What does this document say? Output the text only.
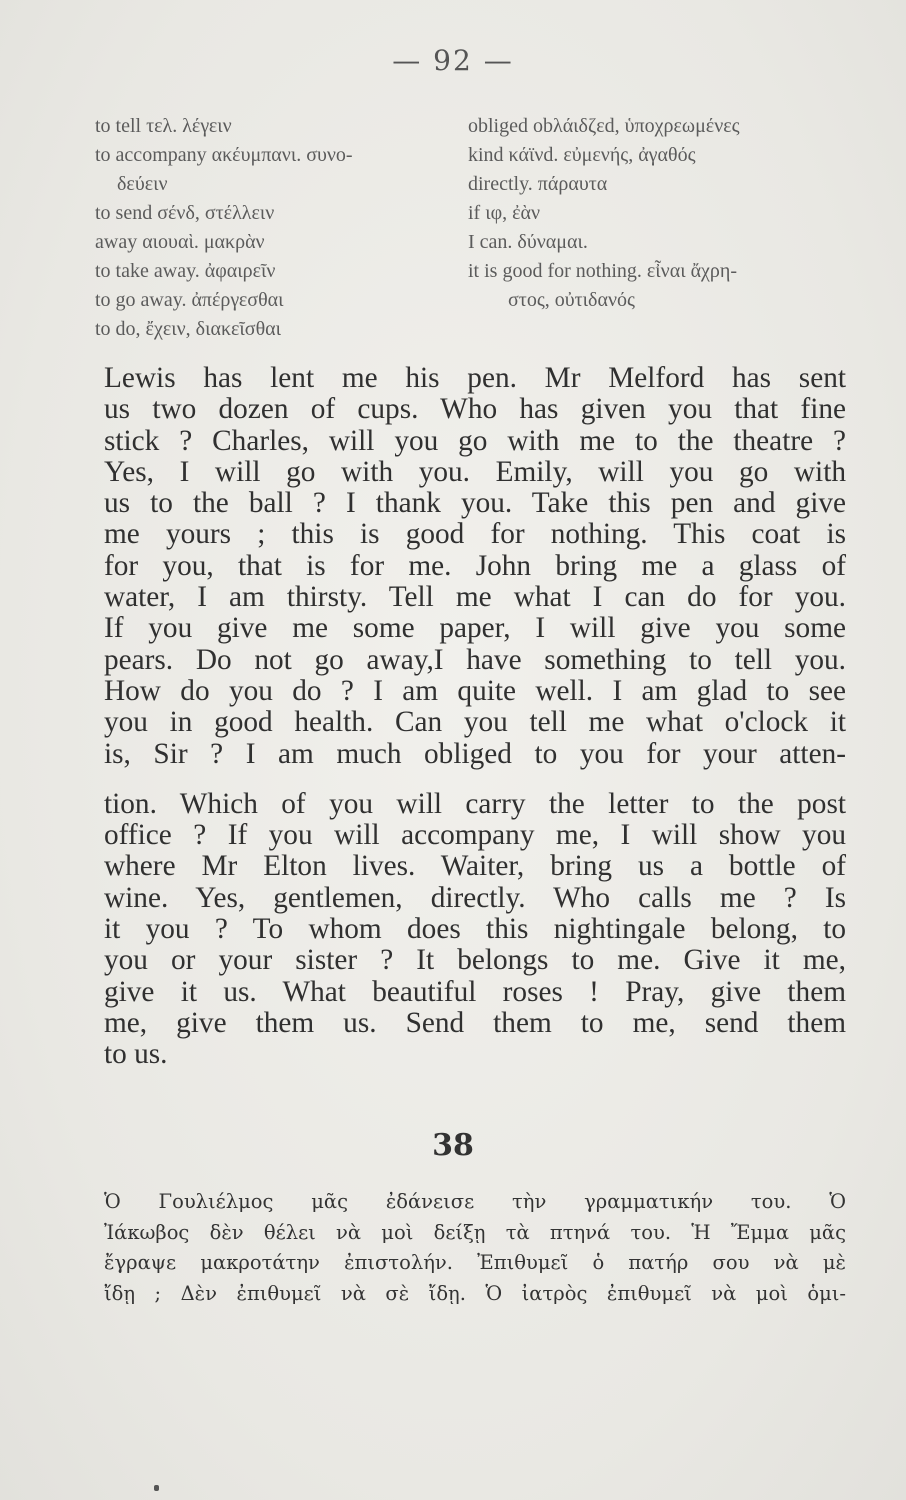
— 92 —
to tell τελ. λέγειν
to accompany ακέυμπανι. συνο-
δεύειν
to send σένδ, στέλλειν
away αιουαὶ. μακρὰν
to take away. ἀφαιρεῖν
to go away. ἀπέργεσθαι
to do, ἔχειν, διακεῖσθαι
obliged obλάιδζεd, ὑποχρεωμένες
kind κάϊνd. εὐμενής, ἀγαθός
directly. πάραυτα
if ιφ, ἐὰν
I can. δύναμαι.
it is good for nothing. εἶναι ἄχρη-
στος, οὐτιδανός
Lewis has lent me his pen. Mr Melford has sent
us two dozen of cups. Who has given you that fine
stick ? Charles, will you go with me to the theatre ?
Yes, I will go with you. Emily, will you go with
us to the ball ? I thank you. Take this pen and give
me yours ; this is good for nothing. This coat is
for you, that is for me. John bring me a glass of
water, I am thirsty. Tell me what I can do for you.
If you give me some paper, I will give you some
pears. Do not go away,I have something to tell you.
How do you do ? I am quite well. I am glad to see
you in good health. Can you tell me what o'clock it
is, Sir ? I am much obliged to you for your atten-
tion. Which of you will carry the letter to the post
office ? If you will accompany me, I will show you
where Mr Elton lives. Waiter, bring us a bottle of
wine. Yes, gentlemen, directly. Who calls me ? Is
it you ? To whom does this nightingale belong, to
you or your sister ? It belongs to me. Give it me,
give it us. What beautiful roses ! Pray, give them
me, give them us. Send them to me, send them
to us.
38
Ὁ Γουλιέλμος μᾶς ἐδάνεισε τὴν γραμματικήν του. Ὁ
Ἰάκωβος δὲν θέλει νὰ μοὶ δείξῃ τὰ πτηνά του. Ἡ Ἔμμα μᾶς
ἔγραψε μακροτάτην ἐπιστολήν. Ἐπιθυμεῖ ὁ πατήρ σου νὰ μὲ
ἴδῃ ; Δὲν ἐπιθυμεῖ νὰ σὲ ἴδῃ. Ὁ ἰατρὸς ἐπιθυμεῖ νὰ μοὶ ὁμι-
